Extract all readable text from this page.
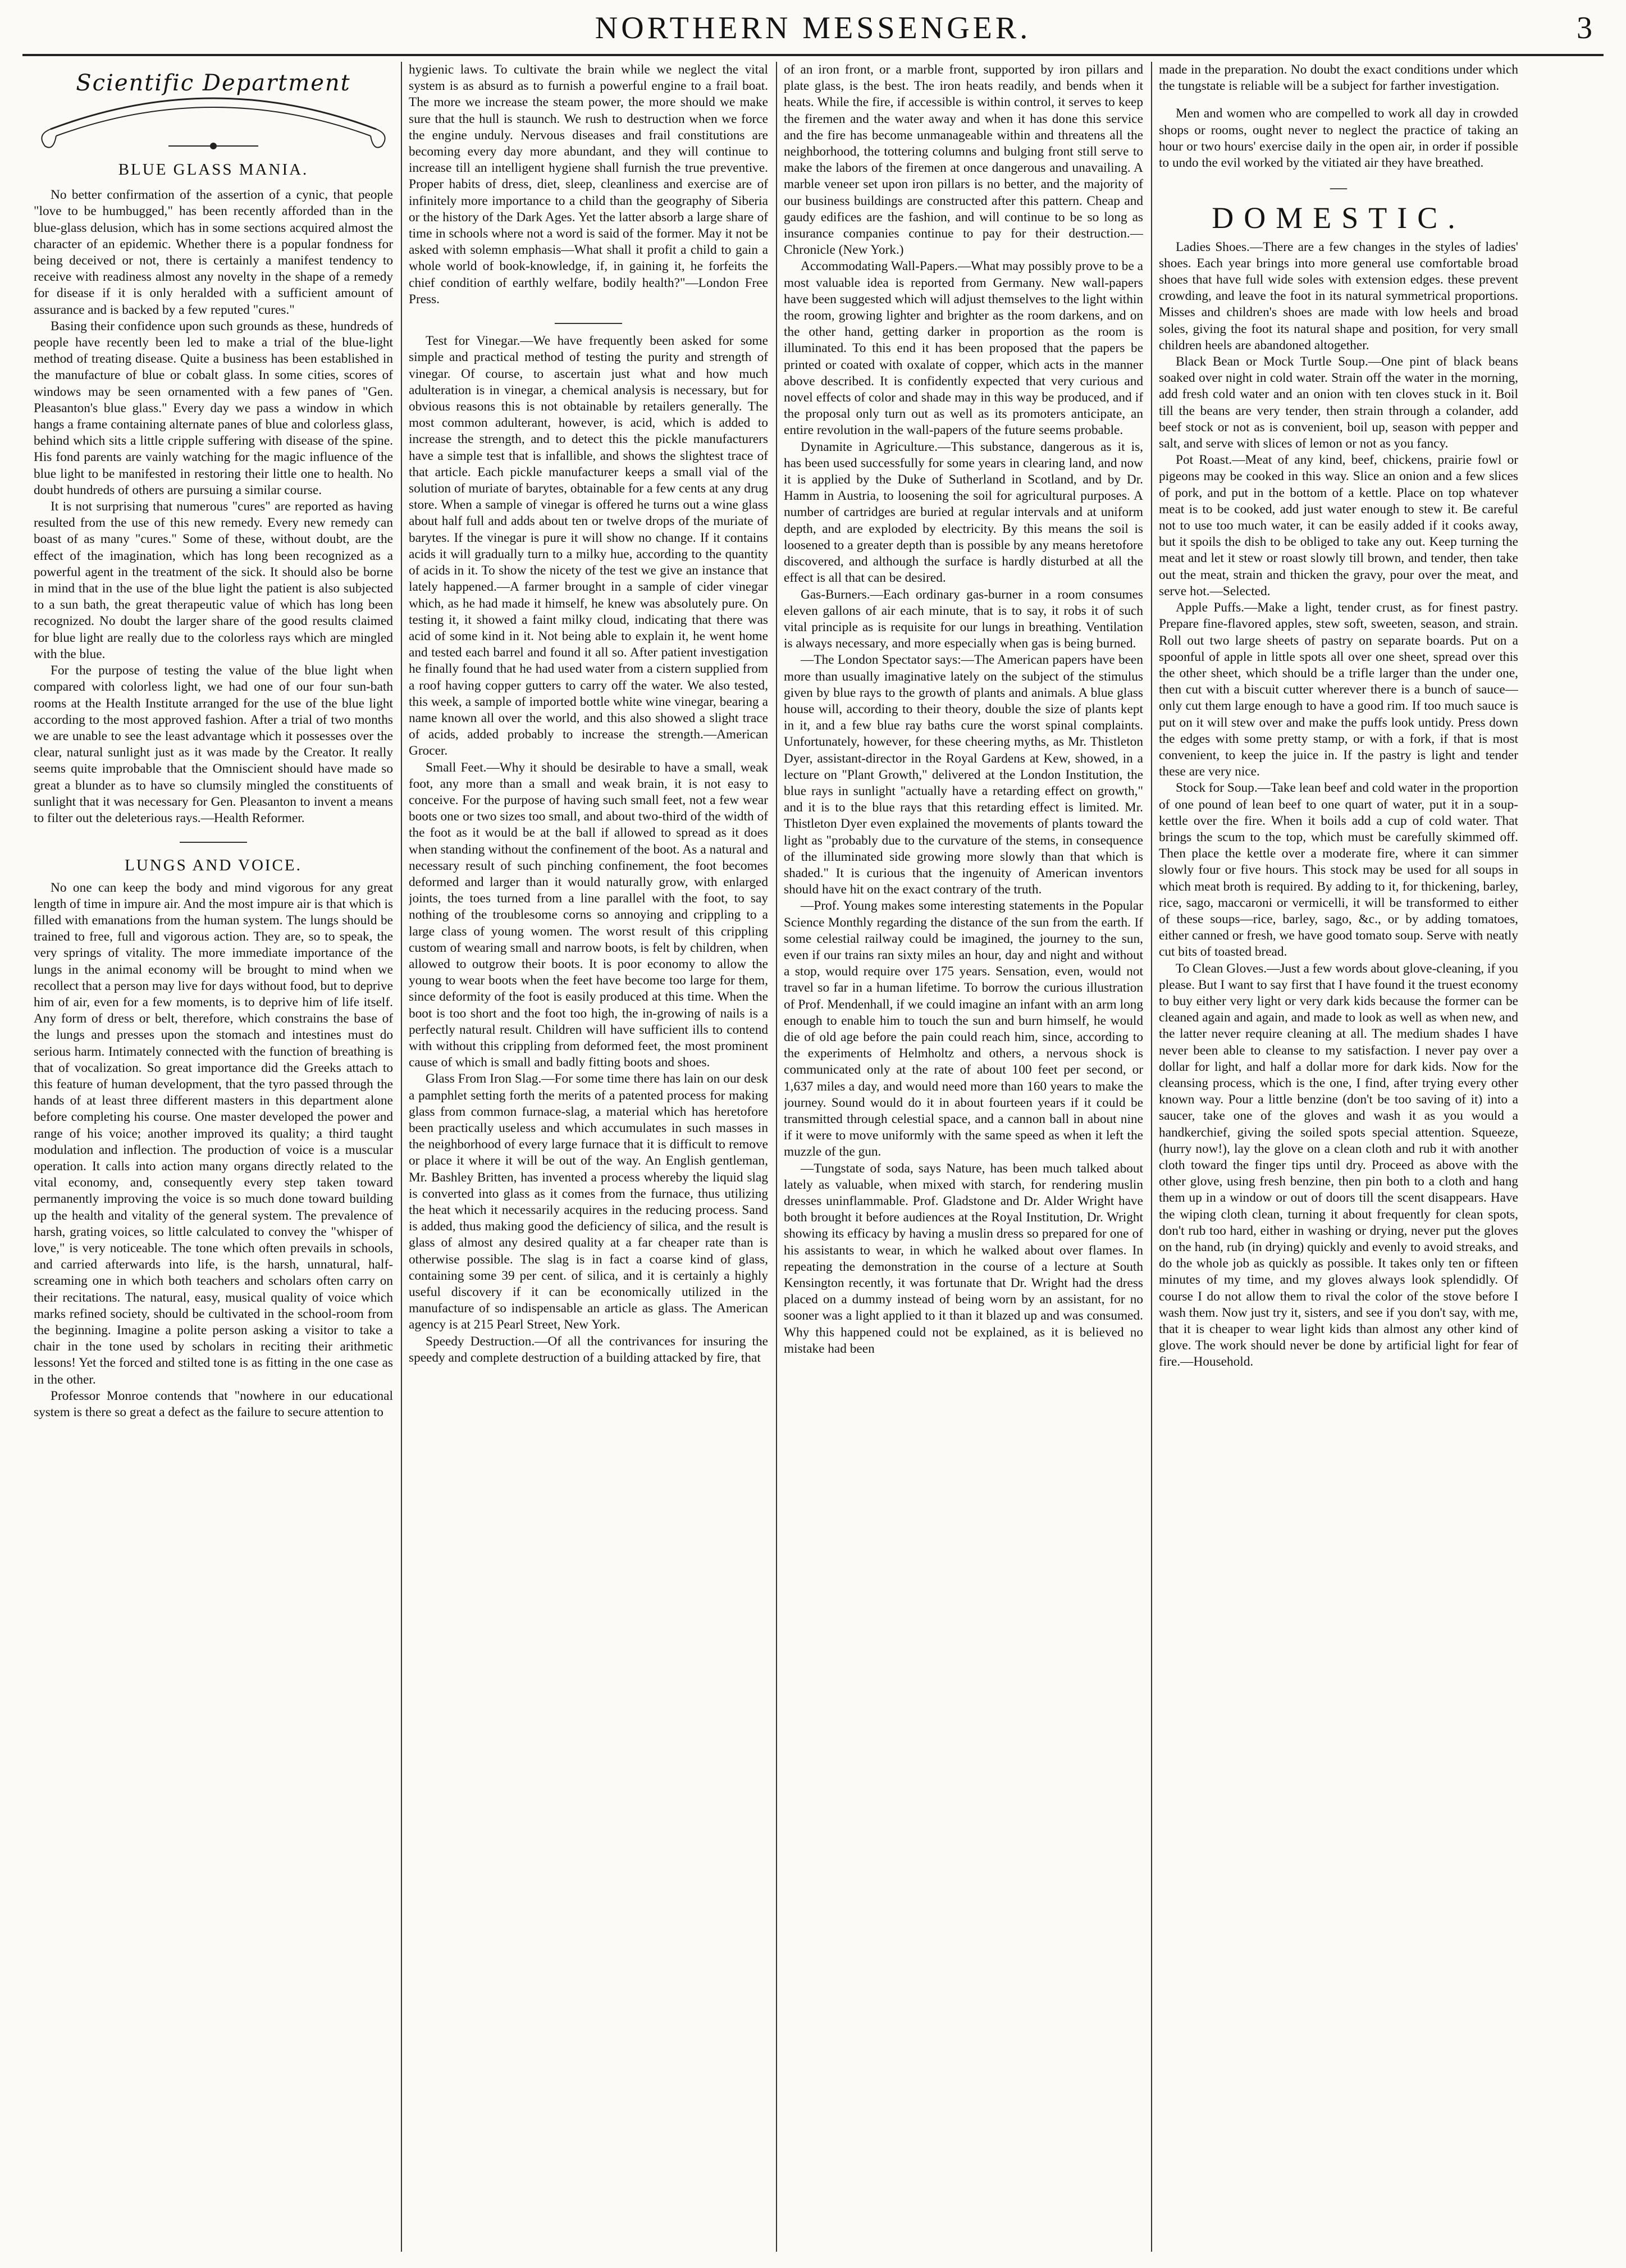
NORTHERN MESSENGER.	3
Scientific Department
BLUE GLASS MANIA.

No better confirmation of the assertion of a cynic, that people "love to be humbugged," has been recently afforded than in the blue-glass delusion, which has in some sections acquired almost the character of an epidemic. Whether there is a popular fondness for being deceived or not, there is certainly a manifest tendency to receive with readiness almost any novelty in the shape of a remedy for disease if it is only heralded with a sufficient amount of assurance and is backed by a few reputed "cures."

Basing their confidence upon such grounds as these, hundreds of people have recently been led to make a trial of the blue-light method of treating disease. Quite a business has been established in the manufacture of blue or cobalt glass. In some cities, scores of windows may be seen ornamented with a few panes of "Gen. Pleasanton's blue glass." Every day we pass a window in which hangs a frame containing alternate panes of blue and colorless glass, behind which sits a little cripple suffering with disease of the spine. His fond parents are vainly watching for the magic influence of the blue light to be manifested in restoring their little one to health. No doubt hundreds of others are pursuing a similar course.

It is not surprising that numerous "cures" are reported as having resulted from the use of this new remedy. Every new remedy can boast of as many "cures." Some of these, without doubt, are the effect of the imagination, which has long been recognized as a powerful agent in the treatment of the sick. It should also be borne in mind that in the use of the blue light the patient is also subjected to a sun bath, the great therapeutic value of which has long been recognized. No doubt the larger share of the good results claimed for blue light are really due to the colorless rays which are mingled with the blue.

For the purpose of testing the value of the blue light when compared with colorless light, we had one of our four sun-bath rooms at the Health Institute arranged for the use of the blue light according to the most approved fashion. After a trial of two months we are unable to see the least advantage which it possesses over the clear, natural sunlight just as it was made by the Creator. It really seems quite improbable that the Omniscient should have made so great a blunder as to have so clumsily mingled the constituents of sunlight that it was necessary for Gen. Pleasanton to invent a means to filter out the deleterious rays.—Health Reformer.

LUNGS AND VOICE.

No one can keep the body and mind vigorous for any great length of time in impure air. And the most impure air is that which is filled with emanations from the human system. The lungs should be trained to free, full and vigorous action. They are, so to speak, the very springs of vitality. The more immediate importance of the lungs in the animal economy will be brought to mind when we recollect that a person may live for days without food, but to deprive him of air, even for a few moments, is to deprive him of life itself. Any form of dress or belt, therefore, which constrains the base of the lungs and presses upon the stomach and intestines must do serious harm. Intimately connected with the function of breathing is that of vocalization. So great importance did the Greeks attach to this feature of human development, that the tyro passed through the hands of at least three different masters in this department alone before completing his course. One master developed the power and range of his voice; another improved its quality; a third taught modulation and inflection. The production of voice is a muscular operation. It calls into action many organs directly related to the vital economy, and, consequently every step taken toward permanently improving the voice is so much done toward building up the health and vitality of the general system. The prevalence of harsh, grating voices, so little calculated to convey the "whisper of love," is very noticeable. The tone which often prevails in schools, and carried afterwards into life, is the harsh, unnatural, half-screaming one in which both teachers and scholars often carry on their recitations. The natural, easy, musical quality of voice which marks refined society, should be cultivated in the school-room from the beginning. Imagine a polite person asking a visitor to take a chair in the tone used by scholars in reciting their arithmetic lessons! Yet the forced and stilted tone is as fitting in the one case as in the other.

Professor Monroe contends that "nowhere in our educational system is there so great a defect as the failure to secure attention to

hygienic laws. To cultivate the brain while we neglect the vital system is as absurd as to furnish a powerful engine to a frail boat. The more we increase the steam power, the more should we make sure that the hull is staunch. We rush to destruction when we force the engine unduly. Nervous diseases and frail constitutions are becoming every day more abundant, and they will continue to increase till an intelligent hygiene shall furnish the true preventive. Proper habits of dress, diet, sleep, cleanliness and exercise are of infinitely more importance to a child than the geography of Siberia or the history of the Dark Ages. Yet the latter absorb a large share of time in schools where not a word is said of the former. May it not be asked with solemn emphasis—What shall it profit a child to gain a whole world of book-knowledge, if, in gaining it, he forfeits the chief condition of earthly welfare, bodily health?"—London Free Press.

Test for Vinegar.—We have frequently been asked for some simple and practical method of testing the purity and strength of vinegar. Of course, to ascertain just what and how much adulteration is in vinegar, a chemical analysis is necessary, but for obvious reasons this is not obtainable by retailers generally. The most common adulterant, however, is acid, which is added to increase the strength, and to detect this the pickle manufacturers have a simple test that is infallible, and shows the slightest trace of that article. Each pickle manufacturer keeps a small vial of the solution of muriate of barytes, obtainable for a few cents at any drug store. When a sample of vinegar is offered he turns out a wine glass about half full and adds about ten or twelve drops of the muriate of barytes. If the vinegar is pure it will show no change. If it contains acids it will gradually turn to a milky hue, according to the quantity of acids in it. To show the nicety of the test we give an instance that lately happened.—A farmer brought in a sample of cider vinegar which, as he had made it himself, he knew was absolutely pure. On testing it, it showed a faint milky cloud, indicating that there was acid of some kind in it. Not being able to explain it, he went home and tested each barrel and found it all so. After patient investigation he finally found that he had used water from a cistern supplied from a roof having copper gutters to carry off the water. We also tested, this week, a sample of imported bottle white wine vinegar, bearing a name known all over the world, and this also showed a slight trace of acids, added probably to increase the strength.—American Grocer.

Small Feet.—Why it should be desirable to have a small, weak foot, any more than a small and weak brain, it is not easy to conceive. For the purpose of having such small feet, not a few wear boots one or two sizes too small, and about two-third of the width of the foot as it would be at the ball if allowed to spread as it does when standing without the confinement of the boot. As a natural and necessary result of such pinching confinement, the foot becomes deformed and larger than it would naturally grow, with enlarged joints, the toes turned from a line parallel with the foot, to say nothing of the troublesome corns so annoying and crippling to a large class of young women. The worst result of this crippling custom of wearing small and narrow boots, is felt by children, when allowed to outgrow their boots. It is poor economy to allow the young to wear boots when the feet have become too large for them, since deformity of the foot is easily produced at this time. When the boot is too short and the foot too high, the in-growing of nails is a perfectly natural result. Children will have sufficient ills to contend with without this crippling from deformed feet, the most prominent cause of which is small and badly fitting boots and shoes.

Glass From Iron Slag.—For some time there has lain on our desk a pamphlet setting forth the merits of a patented process for making glass from common furnace-slag, a material which has heretofore been practically useless and which accumulates in such masses in the neighborhood of every large furnace that it is difficult to remove or place it where it will be out of the way. An English gentleman, Mr. Bashley Britten, has invented a process whereby the liquid slag is converted into glass as it comes from the furnace, thus utilizing the heat which it necessarily acquires in the reducing process. Sand is added, thus making good the deficiency of silica, and the result is glass of almost any desired quality at a far cheaper rate than is otherwise possible. The slag is in fact a coarse kind of glass, containing some 39 per cent. of silica, and it is certainly a highly useful discovery if it can be economically utilized in the manufacture of so indispensable an article as glass. The American agency is at 215 Pearl Street, New York.

Speedy Destruction.—Of all the contrivances for insuring the speedy and complete destruction of a building attacked by fire, that

of an iron front, or a marble front, supported by iron pillars and plate glass, is the best. The iron heats readily, and bends when it heats. While the fire, if accessible is within control, it serves to keep the firemen and the water away and when it has done this service and the fire has become unmanageable within and threatens all the neighborhood, the tottering columns and bulging front still serve to make the labors of the firemen at once dangerous and unavailing. A marble veneer set upon iron pillars is no better, and the majority of our business buildings are constructed after this pattern. Cheap and gaudy edifices are the fashion, and will continue to be so long as insurance companies continue to pay for their destruction.—Chronicle (New York.)

Accommodating Wall-Papers.—What may possibly prove to be a most valuable idea is reported from Germany. New wall-papers have been suggested which will adjust themselves to the light within the room, growing lighter and brighter as the room darkens, and on the other hand, getting darker in proportion as the room is illuminated. To this end it has been proposed that the papers be printed or coated with oxalate of copper, which acts in the manner above described. It is confidently expected that very curious and novel effects of color and shade may in this way be produced, and if the proposal only turn out as well as its promoters anticipate, an entire revolution in the wall-papers of the future seems probable.

Dynamite in Agriculture.—This substance, dangerous as it is, has been used successfully for some years in clearing land, and now it is applied by the Duke of Sutherland in Scotland, and by Dr. Hamm in Austria, to loosening the soil for agricultural purposes. A number of cartridges are buried at regular intervals and at uniform depth, and are exploded by electricity. By this means the soil is loosened to a greater depth than is possible by any means heretofore discovered, and although the surface is hardly disturbed at all the effect is all that can be desired.

Gas-Burners.—Each ordinary gas-burner in a room consumes eleven gallons of air each minute, that is to say, it robs it of such vital principle as is requisite for our lungs in breathing. Ventilation is always necessary, and more especially when gas is being burned.

—The London Spectator says:—The American papers have been more than usually imaginative lately on the subject of the stimulus given by blue rays to the growth of plants and animals. A blue glass house will, according to their theory, double the size of plants kept in it, and a few blue ray baths cure the worst spinal complaints. Unfortunately, however, for these cheering myths, as Mr. Thistleton Dyer, assistant-director in the Royal Gardens at Kew, showed, in a lecture on "Plant Growth," delivered at the London Institution, the blue rays in sunlight "actually have a retarding effect on growth," and it is to the blue rays that this retarding effect is limited. Mr. Thistleton Dyer even explained the movements of plants toward the light as "probably due to the curvature of the stems, in consequence of the illuminated side growing more slowly than that which is shaded." It is curious that the ingenuity of American inventors should have hit on the exact contrary of the truth.

—Prof. Young makes some interesting statements in the Popular Science Monthly regarding the distance of the sun from the earth. If some celestial railway could be imagined, the journey to the sun, even if our trains ran sixty miles an hour, day and night and without a stop, would require over 175 years. Sensation, even, would not travel so far in a human lifetime. To borrow the curious illustration of Prof. Mendenhall, if we could imagine an infant with an arm long enough to enable him to touch the sun and burn himself, he would die of old age before the pain could reach him, since, according to the experiments of Helmholtz and others, a nervous shock is communicated only at the rate of about 100 feet per second, or 1,637 miles a day, and would need more than 160 years to make the journey. Sound would do it in about fourteen years if it could be transmitted through celestial space, and a cannon ball in about nine if it were to move uniformly with the same speed as when it left the muzzle of the gun.

—Tungstate of soda, says Nature, has been much talked about lately as valuable, when mixed with starch, for rendering muslin dresses uninflammable. Prof. Gladstone and Dr. Alder Wright have both brought it before audiences at the Royal Institution, Dr. Wright showing its efficacy by having a muslin dress so prepared for one of his assistants to wear, in which he walked about over flames. In repeating the demonstration in the course of a lecture at South Kensington recently, it was fortunate that Dr. Wright had the dress placed on a dummy instead of being worn by an assistant, for no sooner was a light applied to it than it blazed up and was consumed. Why this happened could not be explained, as it is believed no mistake had been

made in the preparation. No doubt the exact conditions under which the tungstate is reliable will be a subject for farther investigation.

Men and women who are compelled to work all day in crowded shops or rooms, ought never to neglect the practice of taking an hour or two hours' exercise daily in the open air, in order if possible to undo the evil worked by the vitiated air they have breathed.

—
DOMESTIC.

Ladies Shoes.—There are a few changes in the styles of ladies' shoes. Each year brings into more general use comfortable broad shoes that have full wide soles with extension edges. these prevent crowding, and leave the foot in its natural symmetrical proportions. Misses and children's shoes are made with low heels and broad soles, giving the foot its natural shape and position, for very small children heels are abandoned altogether.

Black Bean or Mock Turtle Soup.—One pint of black beans soaked over night in cold water. Strain off the water in the morning, add fresh cold water and an onion with ten cloves stuck in it. Boil till the beans are very tender, then strain through a colander, add beef stock or not as is convenient, boil up, season with pepper and salt, and serve with slices of lemon or not as you fancy.

Pot Roast.—Meat of any kind, beef, chickens, prairie fowl or pigeons may be cooked in this way. Slice an onion and a few slices of pork, and put in the bottom of a kettle. Place on top whatever meat is to be cooked, add just water enough to stew it. Be careful not to use too much water, it can be easily added if it cooks away, but it spoils the dish to be obliged to take any out. Keep turning the meat and let it stew or roast slowly till brown, and tender, then take out the meat, strain and thicken the gravy, pour over the meat, and serve hot.—Selected.

Apple Puffs.—Make a light, tender crust, as for finest pastry. Prepare fine-flavored apples, stew soft, sweeten, season, and strain. Roll out two large sheets of pastry on separate boards. Put on a spoonful of apple in little spots all over one sheet, spread over this the other sheet, which should be a trifle larger than the under one, then cut with a biscuit cutter wherever there is a bunch of sauce—only cut them large enough to have a good rim. If too much sauce is put on it will stew over and make the puffs look untidy. Press down the edges with some pretty stamp, or with a fork, if that is most convenient, to keep the juice in. If the pastry is light and tender these are very nice.

Stock for Soup.—Take lean beef and cold water in the proportion of one pound of lean beef to one quart of water, put it in a soup-kettle over the fire. When it boils add a cup of cold water. That brings the scum to the top, which must be carefully skimmed off. Then place the kettle over a moderate fire, where it can simmer slowly four or five hours. This stock may be used for all soups in which meat broth is required. By adding to it, for thickening, barley, rice, sago, maccaroni or vermicelli, it will be transformed to either of these soups—rice, barley, sago, &c., or by adding tomatoes, either canned or fresh, we have good tomato soup. Serve with neatly cut bits of toasted bread.

To Clean Gloves.—Just a few words about glove-cleaning, if you please. But I want to say first that I have found it the truest economy to buy either very light or very dark kids because the former can be cleaned again and again, and made to look as well as when new, and the latter never require cleaning at all. The medium shades I have never been able to cleanse to my satisfaction. I never pay over a dollar for light, and half a dollar more for dark kids. Now for the cleansing process, which is the one, I find, after trying every other known way. Pour a little benzine (don't be too saving of it) into a saucer, take one of the gloves and wash it as you would a handkerchief, giving the soiled spots special attention. Squeeze, (hurry now!), lay the glove on a clean cloth and rub it with another cloth toward the finger tips until dry. Proceed as above with the other glove, using fresh benzine, then pin both to a cloth and hang them up in a window or out of doors till the scent disappears. Have the wiping cloth clean, turning it about frequently for clean spots, don't rub too hard, either in washing or drying, never put the gloves on the hand, rub (in drying) quickly and evenly to avoid streaks, and do the whole job as quickly as possible. It takes only ten or fifteen minutes of my time, and my gloves always look splendidly. Of course I do not allow them to rival the color of the stove before I wash them. Now just try it, sisters, and see if you don't say, with me, that it is cheaper to wear light kids than almost any other kind of glove. The work should never be done by artificial light for fear of fire.—Household.
